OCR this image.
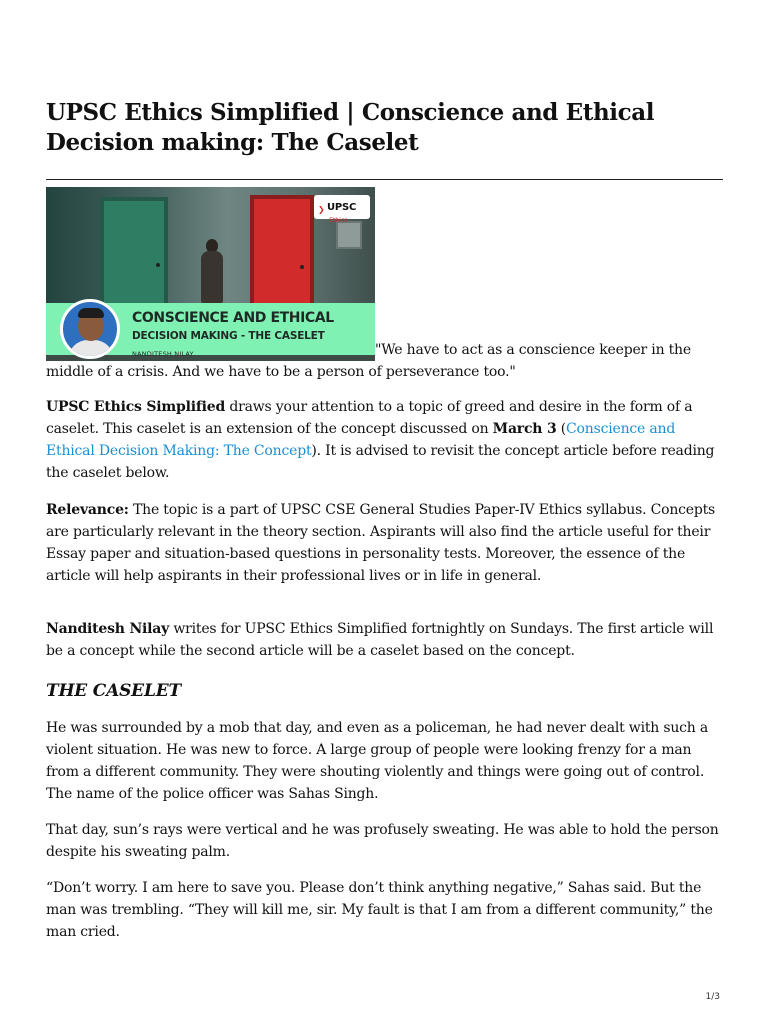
UPSC Ethics Simplified | Conscience and Ethical Decision making: The Caselet
❯ UPSC
Ethics
CONSCIENCE AND ETHICAL
DECISION MAKING - THE CASELET
NANDITESH NILAY	"We have to act as a conscience keeper in the middle of a crisis. And we have to be a person of perseverance too."

UPSC Ethics Simplified draws your attention to a topic of greed and desire in the form of a caselet. This caselet is an extension of the concept discussed on March 3 (Conscience and Ethical Decision Making: The Concept). It is advised to revisit the concept article before reading the caselet below.

Relevance: The topic is a part of UPSC CSE General Studies Paper-IV Ethics syllabus. Concepts are particularly relevant in the theory section. Aspirants will also find the article useful for their Essay paper and situation-based questions in personality tests. Moreover, the essence of the article will help aspirants in their professional lives or in life in general.

Nanditesh Nilay writes for UPSC Ethics Simplified fortnightly on Sundays. The first article will be a concept while the second article will be a caselet based on the concept.

THE CASELET

He was surrounded by a mob that day, and even as a policeman, he had never dealt with such a violent situation. He was new to force. A large group of people were looking frenzy for a man from a different community. They were shouting violently and things were going out of control. The name of the police officer was Sahas Singh.

That day, sun’s rays were vertical and he was profusely sweating. He was able to hold the person despite his sweating palm.

“Don’t worry. I am here to save you. Please don’t think anything negative,” Sahas said. But the man was trembling. “They will kill me, sir. My fault is that I am from a different community,” the man cried.

1/3
